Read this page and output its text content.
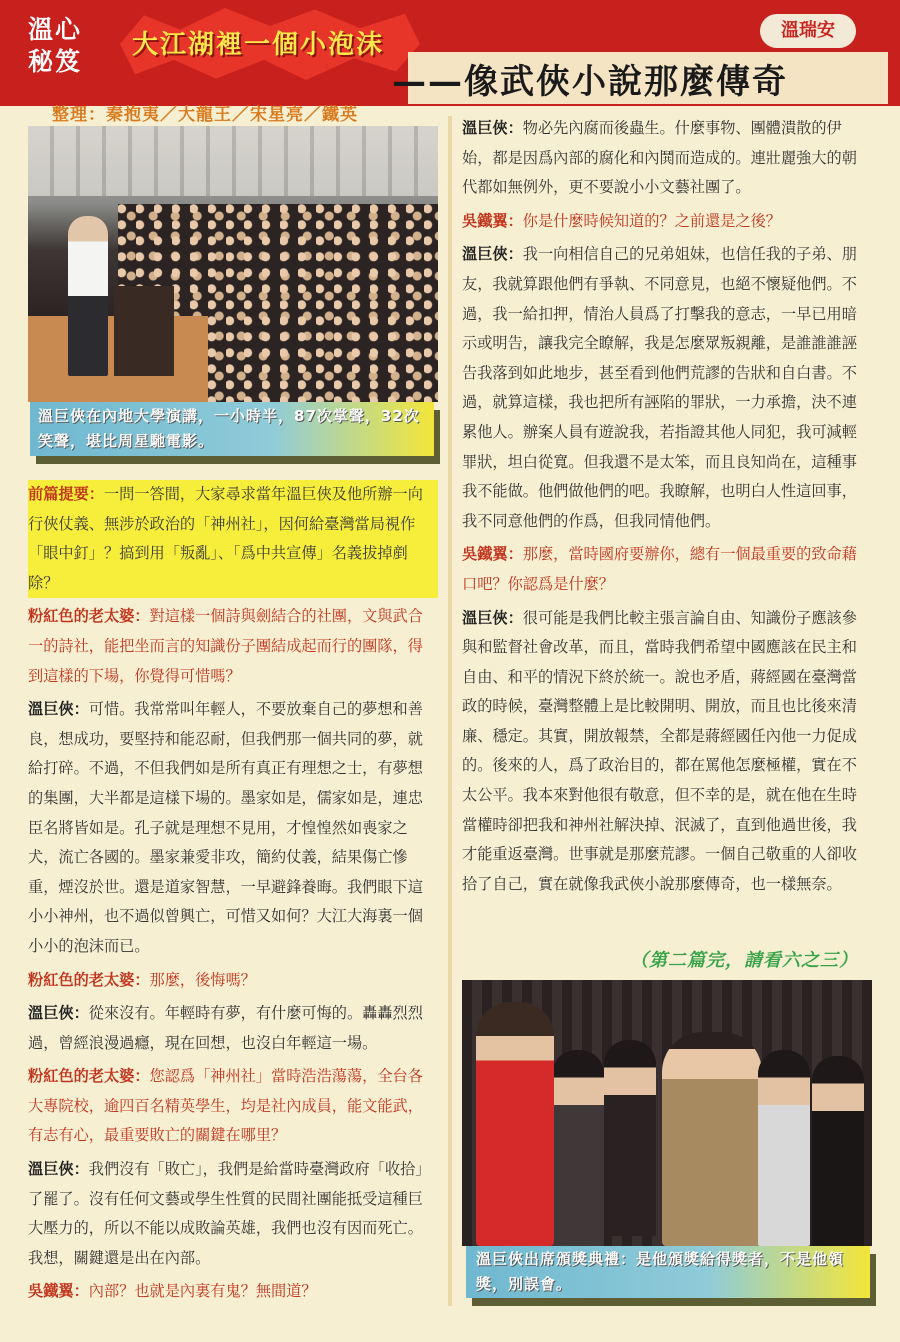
溫心
秘笈
大江湖裡一個小泡沫
——像武俠小說那麼傳奇
溫瑞安
整理：秦抱夷／大龍王／宋星亮／鐵英
溫巨俠在內地大學演講，一小時半，87次掌聲，32次笑聲，堪比周星馳電影。

前篇提要：一問一答間，大家尋求當年溫巨俠及他所辦一向行俠仗義、無涉於政治的「神州社」，因何給臺灣當局視作「眼中釘」？搞到用「叛亂」、「爲中共宣傳」名義拔掉剷除？

粉紅色的老太婆：對這樣一個詩與劍結合的社團，文與武合一的詩社，能把坐而言的知識份子團結成起而行的團隊，得到這樣的下場，你覺得可惜嗎？

溫巨俠：可惜。我常常叫年輕人，不要放棄自己的夢想和善良，想成功，要堅持和能忍耐，但我們那一個共同的夢，就給打碎。不過，不但我們如是所有真正有理想之士，有夢想的集團，大半都是這樣下場的。墨家如是，儒家如是，連忠臣名將皆如是。孔子就是理想不見用，才惶惶然如喪家之犬，流亡各國的。墨家兼愛非攻，簡約仗義，結果傷亡慘重，煙沒於世。還是道家智慧，一早避鋒養晦。我們眼下這小小神州，也不過似曾興亡，可惜又如何？大江大海裏一個小小的泡沫而已。

粉紅色的老太婆：那麼，後悔嗎？

溫巨俠：從來沒有。年輕時有夢，有什麼可悔的。轟轟烈烈過，曾經浪漫過癮，現在回想，也沒白年輕這一場。

粉紅色的老太婆：您認爲「神州社」當時浩浩蕩蕩，全台各大專院校，逾四百名精英學生，均是社內成員，能文能武，有志有心，最重要敗亡的關鍵在哪里？

溫巨俠：我們沒有「敗亡」，我們是給當時臺灣政府「收拾」了罷了。沒有任何文藝或學生性質的民間社團能抵受這種巨大壓力的，所以不能以成敗論英雄，我們也沒有因而死亡。我想，關鍵還是出在內部。

吳鐵翼：內部？也就是內裏有鬼？無間道？

溫巨俠：物必先內腐而後蟲生。什麼事物、團體潰散的伊始，都是因爲內部的腐化和內鬨而造成的。連壯麗強大的朝代都如無例外，更不要說小小文藝社團了。

吳鐵翼：你是什麼時候知道的？之前還是之後？

溫巨俠：我一向相信自己的兄弟姐妹，也信任我的子弟、朋友，我就算跟他們有爭執、不同意見，也絕不懷疑他們。不過，我一給扣押，情治人員爲了打擊我的意志，一早已用暗示或明告，讓我完全瞭解，我是怎麼眾叛親離，是誰誰誰誣告我落到如此地步，甚至看到他們荒謬的告狀和自白書。不過，就算這樣，我也把所有誣陷的罪狀，一力承擔，決不連累他人。辦案人員有遊說我，若指證其他人同犯，我可減輕罪狀，坦白從寬。但我還不是太笨，而且良知尚在，這種事我不能做。他們做他們的吧。我瞭解，也明白人性這回事，我不同意他們的作爲，但我同情他們。

吳鐵翼：那麼，當時國府要辦你，總有一個最重要的致命藉口吧？你認爲是什麼？

溫巨俠：很可能是我們比較主張言論自由、知識份子應該參與和監督社會改革，而且，當時我們希望中國應該在民主和自由、和平的情況下終於統一。說也矛盾，蔣經國在臺灣當政的時候，臺灣整體上是比較開明、開放，而且也比後來清廉、穩定。其實，開放報禁，全都是蔣經國任內他一力促成的。後來的人，爲了政治目的，都在罵他怎麼極權，實在不太公平。我本來對他很有敬意，但不幸的是，就在他在生時當權時卻把我和神州社解決掉、泯滅了，直到他過世後，我才能重返臺灣。世事就是那麼荒謬。一個自己敬重的人卻收拾了自己，實在就像我武俠小說那麼傳奇，也一樣無奈。

（第二篇完，請看六之三）
溫巨俠出席頒獎典禮：是他頒獎給得獎者，不是他領獎，別誤會。
